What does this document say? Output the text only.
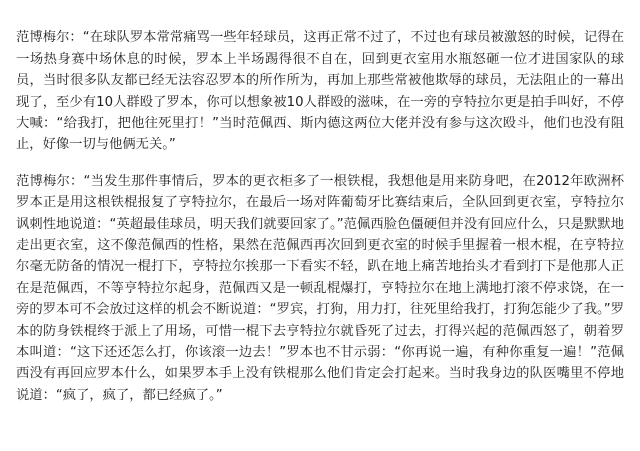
范博梅尔：“在球队罗本常常痛骂一些年轻球员，这再正常不过了，不过也有球员被激怒的时候，记得在一场热身赛中场休息的时候，罗本上半场踢得很不自在，回到更衣室用水瓶怒砸一位才进国家队的球员，当时很多队友都已经无法容忍罗本的所作所为，再加上那些常被他欺辱的球员，无法阻止的一幕出现了，至少有10人群殴了罗本，你可以想象被10人群殴的滋味，在一旁的亨特拉尔更是拍手叫好，不停大喊：“给我打，把他往死里打！”当时范佩西、斯内德这两位大佬并没有参与这次殴斗，他们也没有阻止，好像一切与他俩无关。”

范博梅尔：“当发生那件事情后，罗本的更衣柜多了一根铁棍，我想他是用来防身吧，在2012年欧洲杯罗本正是用这根铁棍报复了亨特拉尔，在最后一场对阵葡萄牙比赛结束后，全队回到更衣室，亨特拉尔讽刺性地说道：“英超最佳球员，明天我们就要回家了。”范佩西脸色僵硬但并没有回应什么，只是默默地走出更衣室，这不像范佩西的性格，果然在范佩西再次回到更衣室的时候手里握着一根木棍，在亨特拉尔毫无防备的情况一棍打下，亨特拉尔挨那一下看实不轻，趴在地上痛苦地抬头才看到打下是他那人正在是范佩西，不等亨特拉尔起身，范佩西又是一顿乱棍爆打，亨特拉尔在地上满地打滚不停求饶，在一旁的罗本可不会放过这样的机会不断说道：“罗宾，打狗，用力打，往死里给我打，打狗怎能少了我。”罗本的防身铁棍终于派上了用场，可惜一棍下去亨特拉尔就昏死了过去，打得兴起的范佩西怒了，朝着罗本叫道：“这下还还怎么打，你该滚一边去！”罗本也不甘示弱：“你再说一遍，有种你重复一遍！”范佩西没有再回应罗本什么，如果罗本手上没有铁棍那么他们肯定会打起来。当时我身边的队医嘴里不停地说道：“疯了，疯了，都已经疯了。”
